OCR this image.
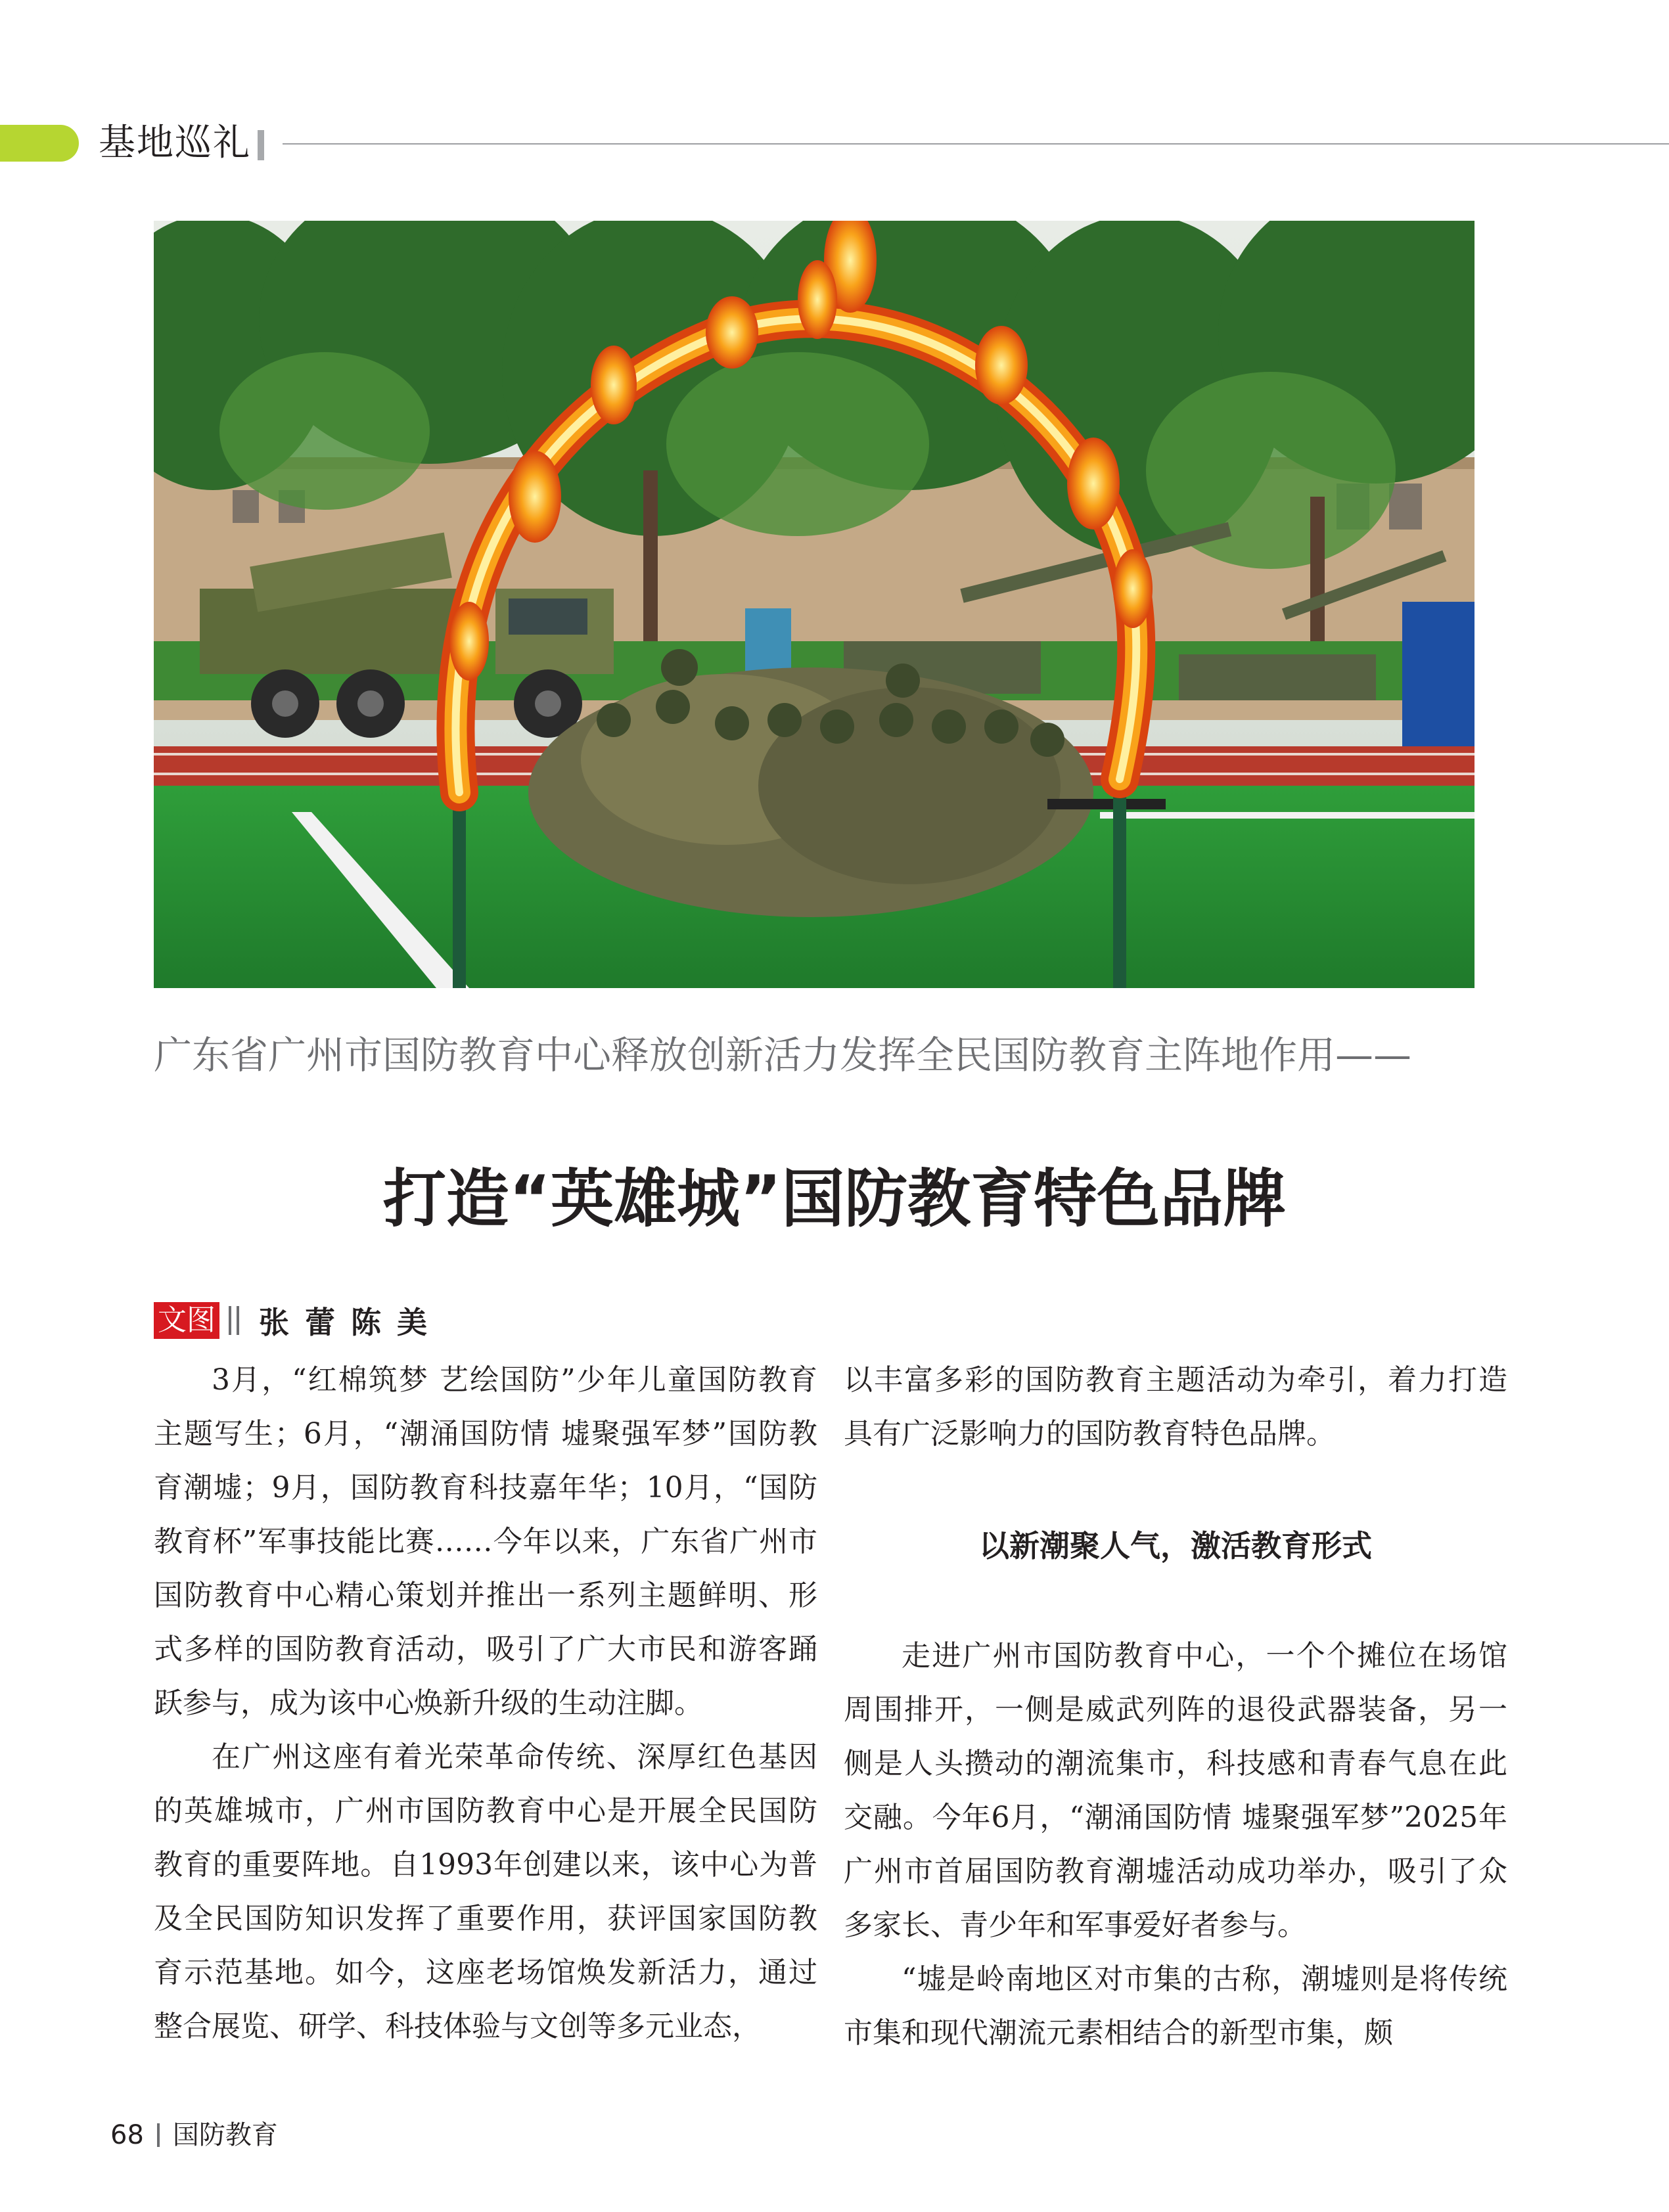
基地巡礼
广东省广州市国防教育中心释放创新活力发挥全民国防教育主阵地作用——
打造“英雄城”国防教育特色品牌
文图 张蕾陈美

3月，“红棉筑梦 艺绘国防”少年儿童国防教育主题写生；6月，“潮涌国防情 墟聚强军梦”国防教育潮墟；9月，国防教育科技嘉年华；10月，“国防教育杯”军事技能比赛……今年以来，广东省广州市国防教育中心精心策划并推出一系列主题鲜明、形式多样的国防教育活动，吸引了广大市民和游客踊跃参与，成为该中心焕新升级的生动注脚。

在广州这座有着光荣革命传统、深厚红色基因的英雄城市，广州市国防教育中心是开展全民国防教育的重要阵地。自1993年创建以来，该中心为普及全民国防知识发挥了重要作用，获评国家国防教育示范基地。如今，这座老场馆焕发新活力，通过整合展览、研学、科技体验与文创等多元业态，

以丰富多彩的国防教育主题活动为牵引，着力打造具有广泛影响力的国防教育特色品牌。

以新潮聚人气，激活教育形式

走进广州市国防教育中心，一个个摊位在场馆周围排开，一侧是威武列阵的退役武器装备，另一侧是人头攒动的潮流集市，科技感和青春气息在此交融。今年6月，“潮涌国防情 墟聚强军梦”2025年广州市首届国防教育潮墟活动成功举办，吸引了众多家长、青少年和军事爱好者参与。

“墟是岭南地区对市集的古称，潮墟则是将传统市集和现代潮流元素相结合的新型市集，颇

68 国防教育
